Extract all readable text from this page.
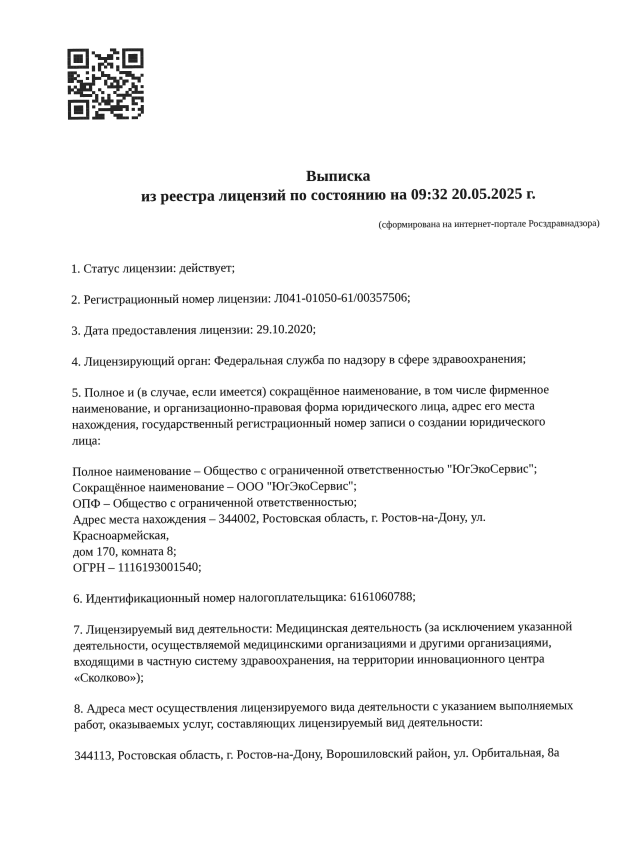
Выписка
из реестра лицензий по состоянию на 09:32 20.05.2025 г.
(сформирована на интернет-портале Росздравнадзора)

1. Статус лицензии: действует;

2. Регистрационный номер лицензии: Л041-01050-61/00357506;

3. Дата предоставления лицензии: 29.10.2020;

4. Лицензирующий орган: Федеральная служба по надзору в сфере здравоохранения;

5. Полное и (в случае, если имеется) сокращённое наименование, в том числе фирменное
наименование, и организационно-правовая форма юридического лица, адрес его места
нахождения, государственный регистрационный номер записи о создании юридического лица:

Полное наименование – Общество с ограниченной ответственностью "ЮгЭкоСервис";
Сокращённое наименование – ООО "ЮгЭкоСервис";
ОПФ – Общество с ограниченной ответственностью;
Адрес места нахождения – 344002, Ростовская область, г. Ростов-на-Дону, ул. Красноармейская,
дом 170, комната 8;
ОГРН – 1116193001540;

6. Идентификационный номер налогоплательщика: 6161060788;

7. Лицензируемый вид деятельности: Медицинская деятельность (за исключением указанной
деятельности, осуществляемой медицинскими организациями и другими организациями,
входящими в частную систему здравоохранения, на территории инновационного центра
«Сколково»);

8. Адреса мест осуществления лицензируемого вида деятельности с указанием выполняемых
работ, оказываемых услуг, составляющих лицензируемый вид деятельности:

344113, Ростовская область, г. Ростов-на-Дону, Ворошиловский район, ул. Орбитальная, 8а
